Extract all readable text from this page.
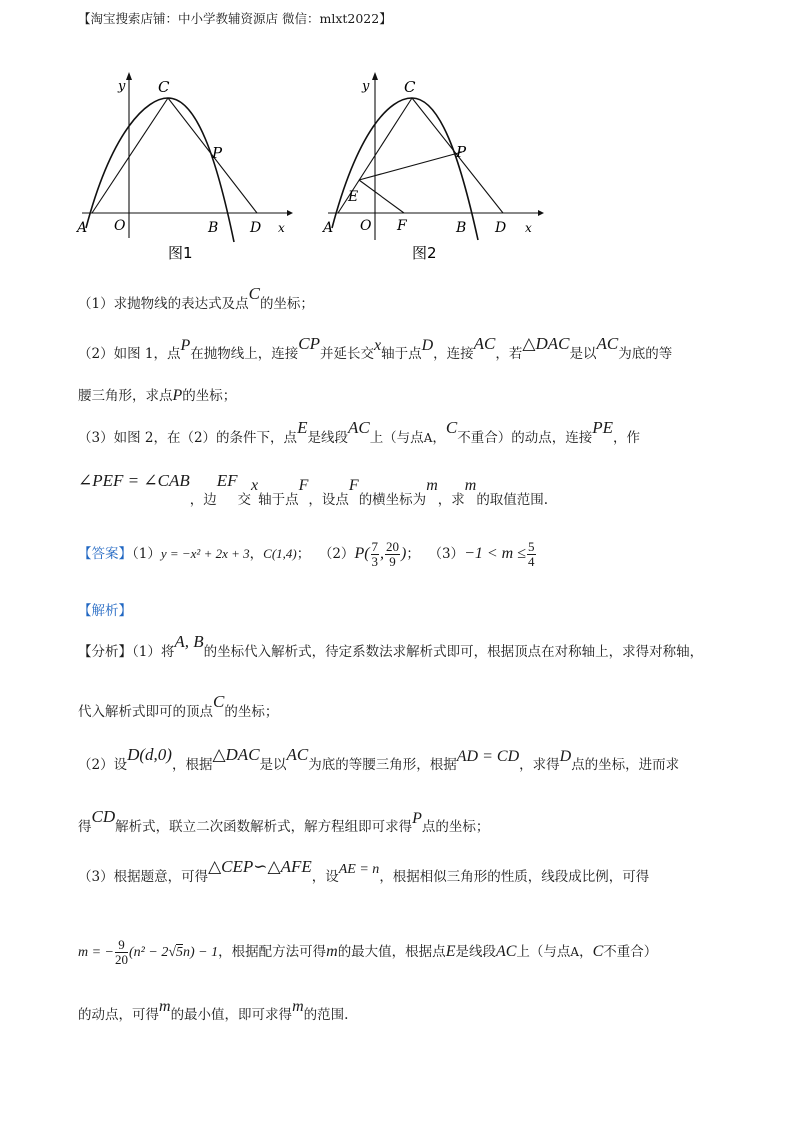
【淘宝搜索店铺：中小学教辅资源店 微信：mlxt2022】
y C
P
A O	B D x
图1
y C
P
E
A O F	B D x
图2
（1）求抛物线的表达式及点C的坐标；
（2）如图 1，点P在抛物线上，连接CP并延长交x轴于点D，连接AC，若△DAC是以AC为底的等
腰三角形，求点P的坐标；
（3）如图 2，在（2）的条件下，点E是线段AC上（与点A，C不重合）的动点，连接PE，作
∠PEF = ∠CAB，边EF交x轴于点F，设点F的横坐标为m，求m的取值范围.
【答案】（1）y = −x² + 2x + 3，C(1,4)； $(2)P( \frac{7}{3}$ , $\frac{20}{9}$ )； $(3)-1 < m \le \frac{5}{4}$
【解析】
【分析】（1）将A, B的坐标代入解析式，待定系数法求解析式即可，根据顶点在对称轴上，求得对称轴，
代入解析式即可的顶点C的坐标；
（2）设D(d,0)，根据△DAC是以AC为底的等腰三角形，根据AD = CD，求得D点的坐标，进而求
得CD解析式，联立二次函数解析式，解方程组即可求得P点的坐标；
（3）根据题意，可得△CEP∽△AFE，设AE = n，根据相似三角形的性质，线段成比例，可得
m = − $\frac{9}{20} (n^2 - 2√5n) - 1$，根据配方法可得m的最大值，根据点E是线段AC上（与点A，C不重合）
的动点，可得m的最小值，即可求得m的范围.
